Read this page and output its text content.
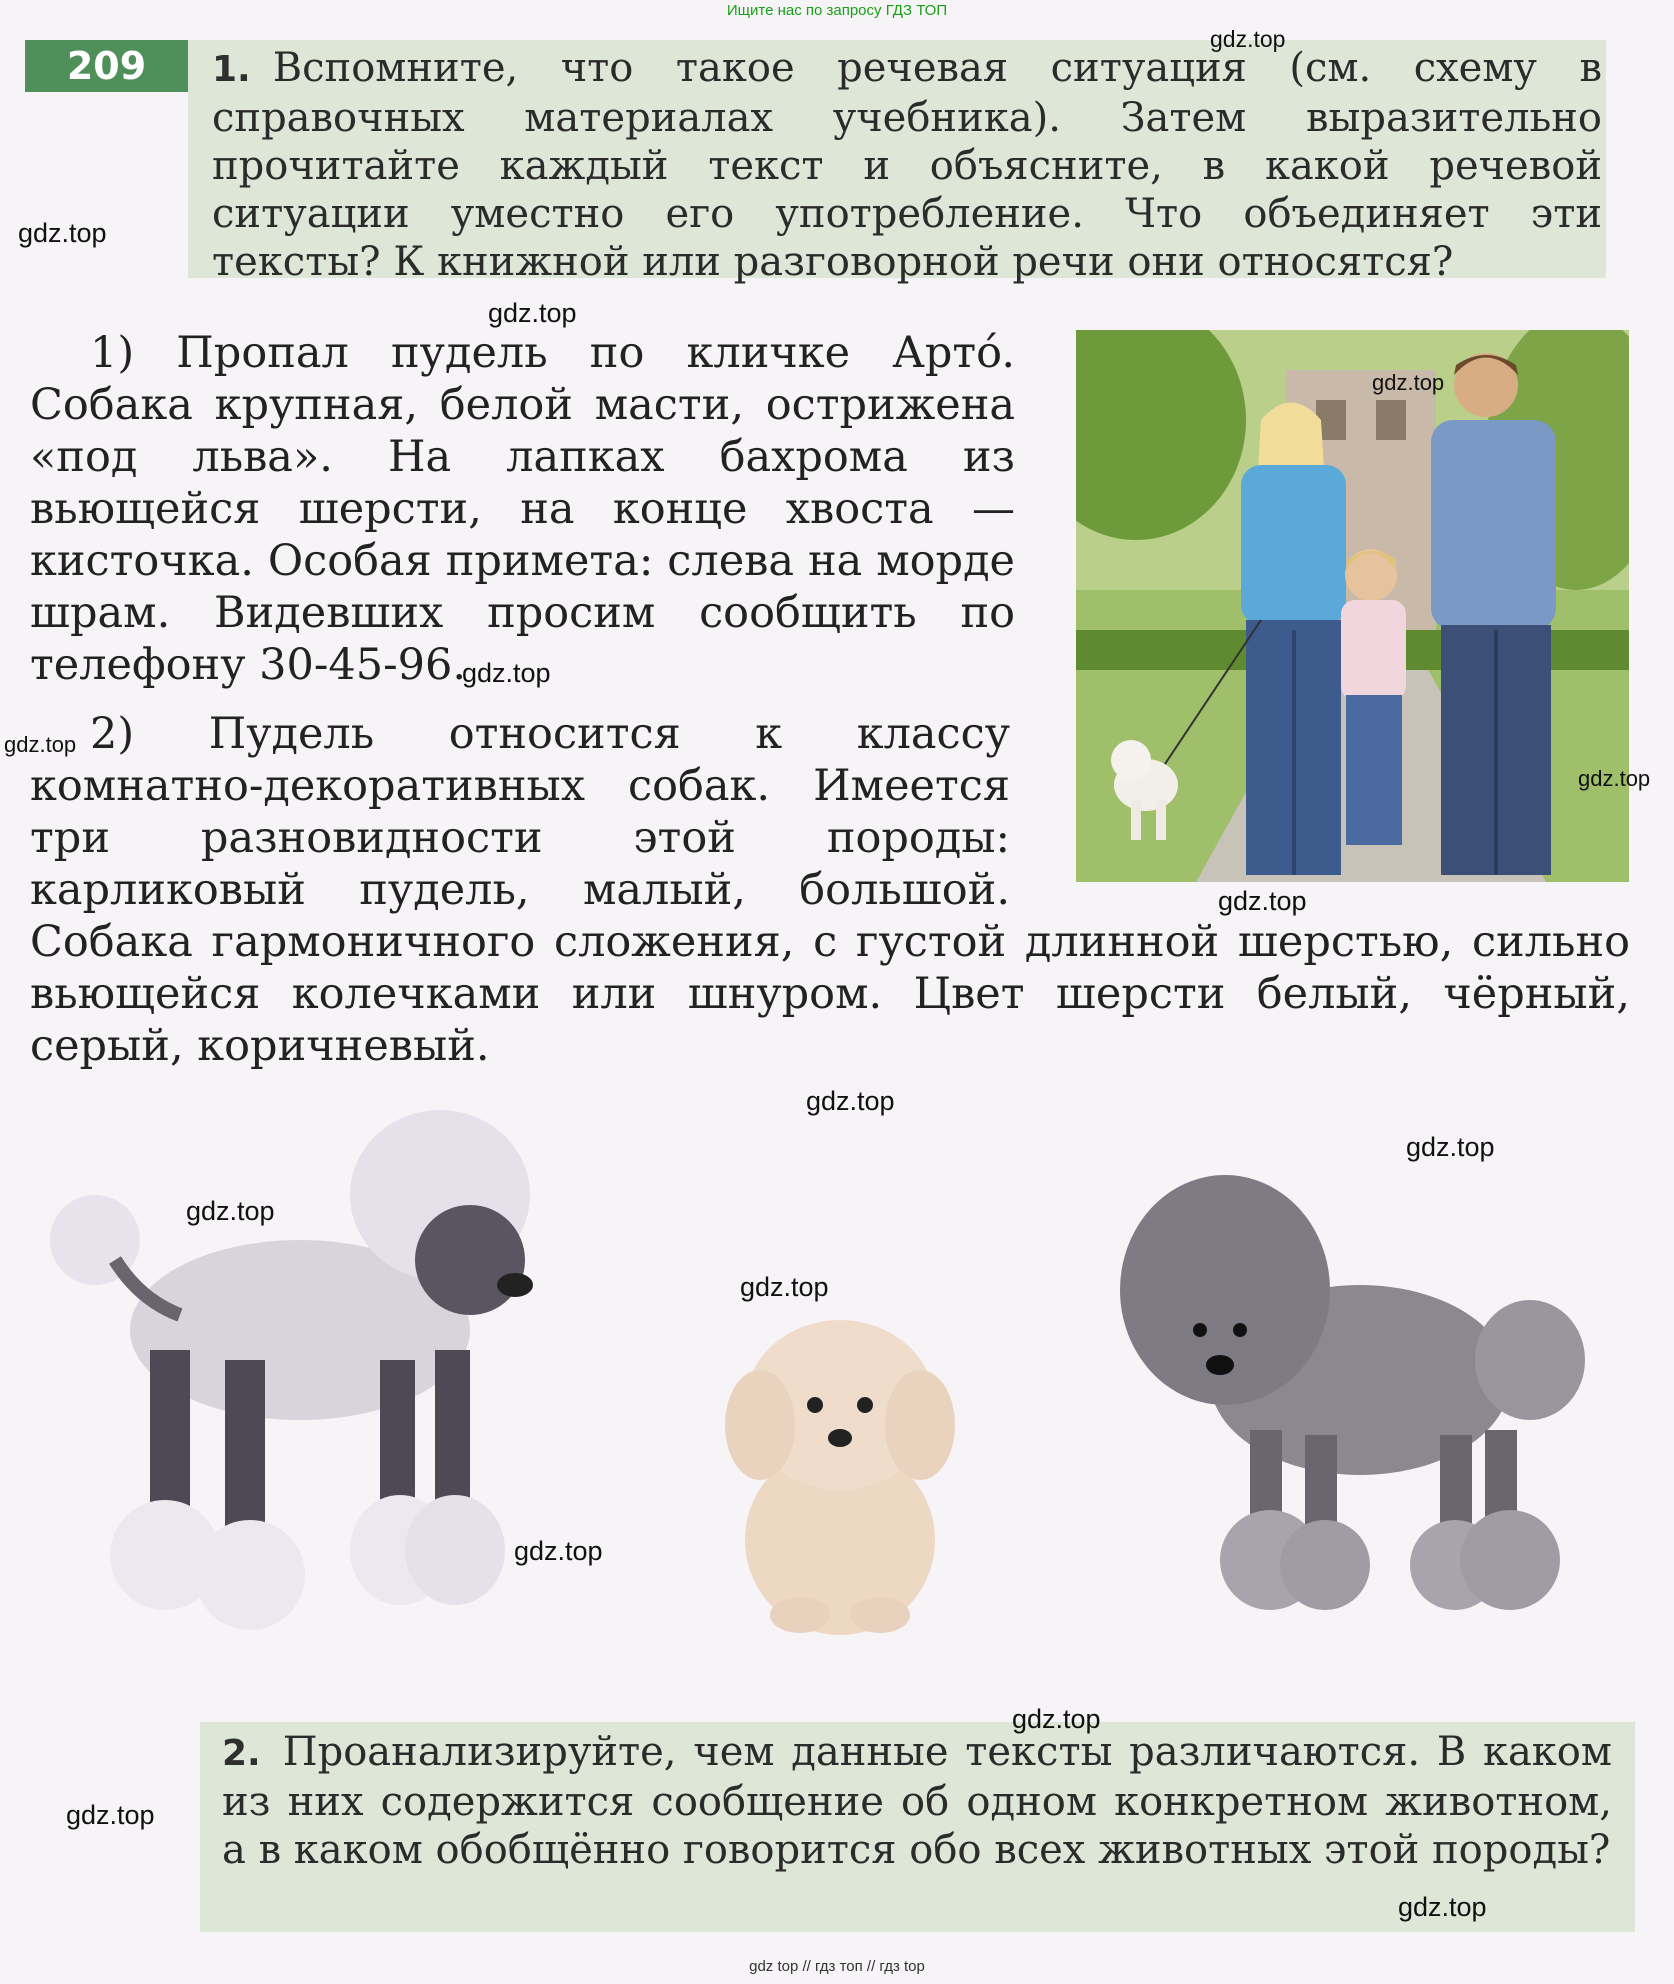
Ищите нас по запросу ГДЗ ТОП
209	1. Вспомните, что такое речевая ситуация (см. схему в справочных материалах учебника). Затем выразительно прочитайте каждый текст и объясните, в какой речевой ситуации уместно его употребление. Что объединяет эти тексты? К книжной или разговорной речи они относятся?

1) Пропал пудель по кличке Артó. Собака крупная, белой масти, острижена «под льва». На лапках бахрома из вьющейся шерсти, на конце хвоста — кисточка. Особая примета: слева на морде шрам. Видевших просим сообщить по телефону 30-45-96.

2) Пудель относится к классу комнатно-декоративных собак. Имеется три разновидности этой породы: карликовый пудель, малый, большой. Собака гармоничного сложения, с густой длинной шерстью, сильно вьющейся колечками или шнуром. Цвет шерсти белый, чёрный, серый, коричневый.

2. Проанализируйте, чем данные тексты различаются. В каком из них содержится сообщение об одном конкретном животном, а в каком обобщённо говорится обо всех животных этой породы?
gdz.top
gdz.top
gdz.top
gdz.top
gdz.top
gdz.top
gdz.top
gdz.top
gdz.top
gdz.top
gdz.top
gdz.top
gdz.top
gdz.top
gdz.top
gdz.top
gdz top // гдз топ // гдз top
